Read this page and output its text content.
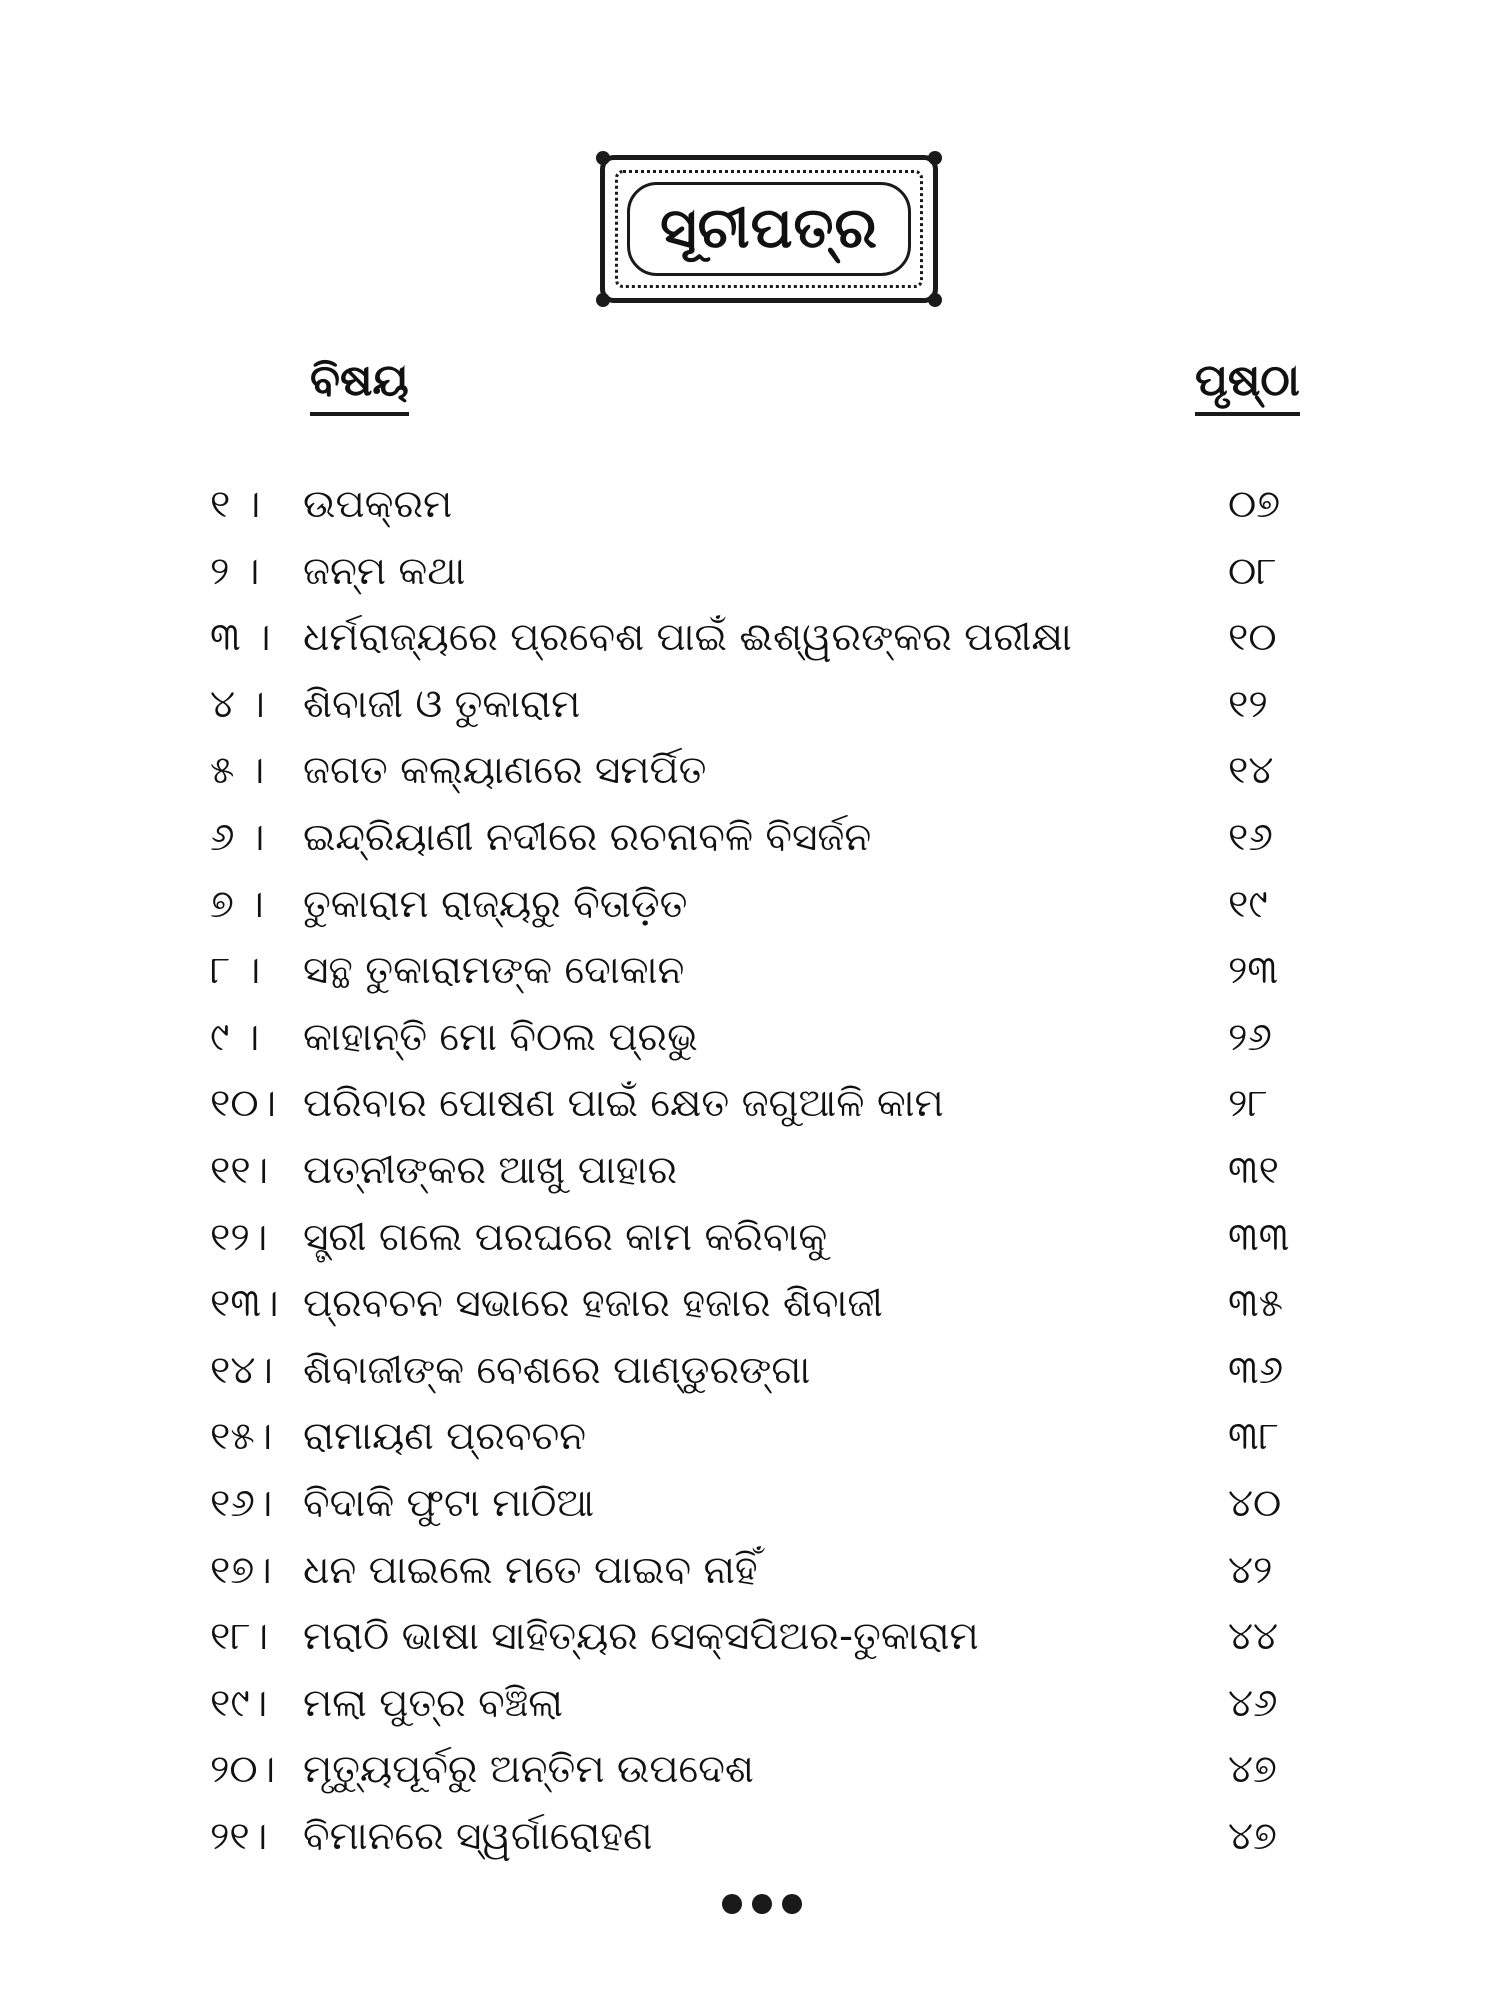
ସୂଚୀପତ୍ର
ବିଷୟ	ପୃଷ୍ଠା
୧ ।	ଉପକ୍ରମ	୦୭
୨ ।	ଜନ୍ମ କଥା	୦୮
୩ । ଧର୍ମରାଜ୍ୟରେ ପ୍ରବେଶ ପାଇଁ ଈଶ୍ୱରଙ୍କର ପରୀକ୍ଷା	୧୦
୪ । ଶିବାଜୀ ଓ ତୁକାରାମ	୧୨
୫ । ଜଗତ କଲ୍ୟାଣରେ ସମର୍ପିତ	୧୪
୬ । ଇନ୍ଦ୍ରିୟାଣୀ ନଦୀରେ ରଚନାବଳି ବିସର୍ଜନ	୧୬
୭ ।	ତୁକାରାମ ରାଜ୍ୟରୁ ବିତାଡ଼ିତ	୧୯
୮ ।	ସନ୍ଥ ତୁକାରାମଙ୍କ ଦୋକାନ	୨୩
୯ ।	କାହାନ୍ତି ମୋ ବିଠଲ ପ୍ରଭୁ	୨୬
୧୦। ପରିବାର ପୋଷଣ ପାଇଁ କ୍ଷେତ ଜଗୁଆଳି କାମ	୨୮
୧୧। ପତ୍ନୀଙ୍କର ଆଖୁ ପାହାର	୩୧
୧୨। ସ୍ତ୍ରୀ ଗଲେ ପରଘରେ କାମ କରିବାକୁ	୩୩
୧୩। ପ୍ରବଚନ ସଭାରେ ହଜାର ହଜାର ଶିବାଜୀ	୩୫
୧୪। ଶିବାଜୀଙ୍କ ବେଶରେ ପାଣ୍ଡୁରଙ୍ଗା	୩୬
୧୫। ରାମାୟଣ ପ୍ରବଚନ	୩୮
୧୬। ବିଦାକି ଫୁଟା ମାଠିଆ	୪୦
୧୭। ଧନ ପାଇଲେ ମତେ ପାଇବ ନାହିଁ	୪୨
୧୮। ମରାଠି ଭାଷା ସାହିତ୍ୟର ସେକ୍ସପିଅର-ତୁକାରାମ	୪୪
୧୯। ମଲା ପୁତ୍ର ବଞ୍ଚିଲା	୪୬
୨୦। ମୃତ୍ୟୁପୂର୍ବରୁ ଅନ୍ତିମ ଉପଦେଶ	୪୭
୨୧। ବିମାନରେ ସ୍ୱର୍ଗାରୋହଣ	୪୭
